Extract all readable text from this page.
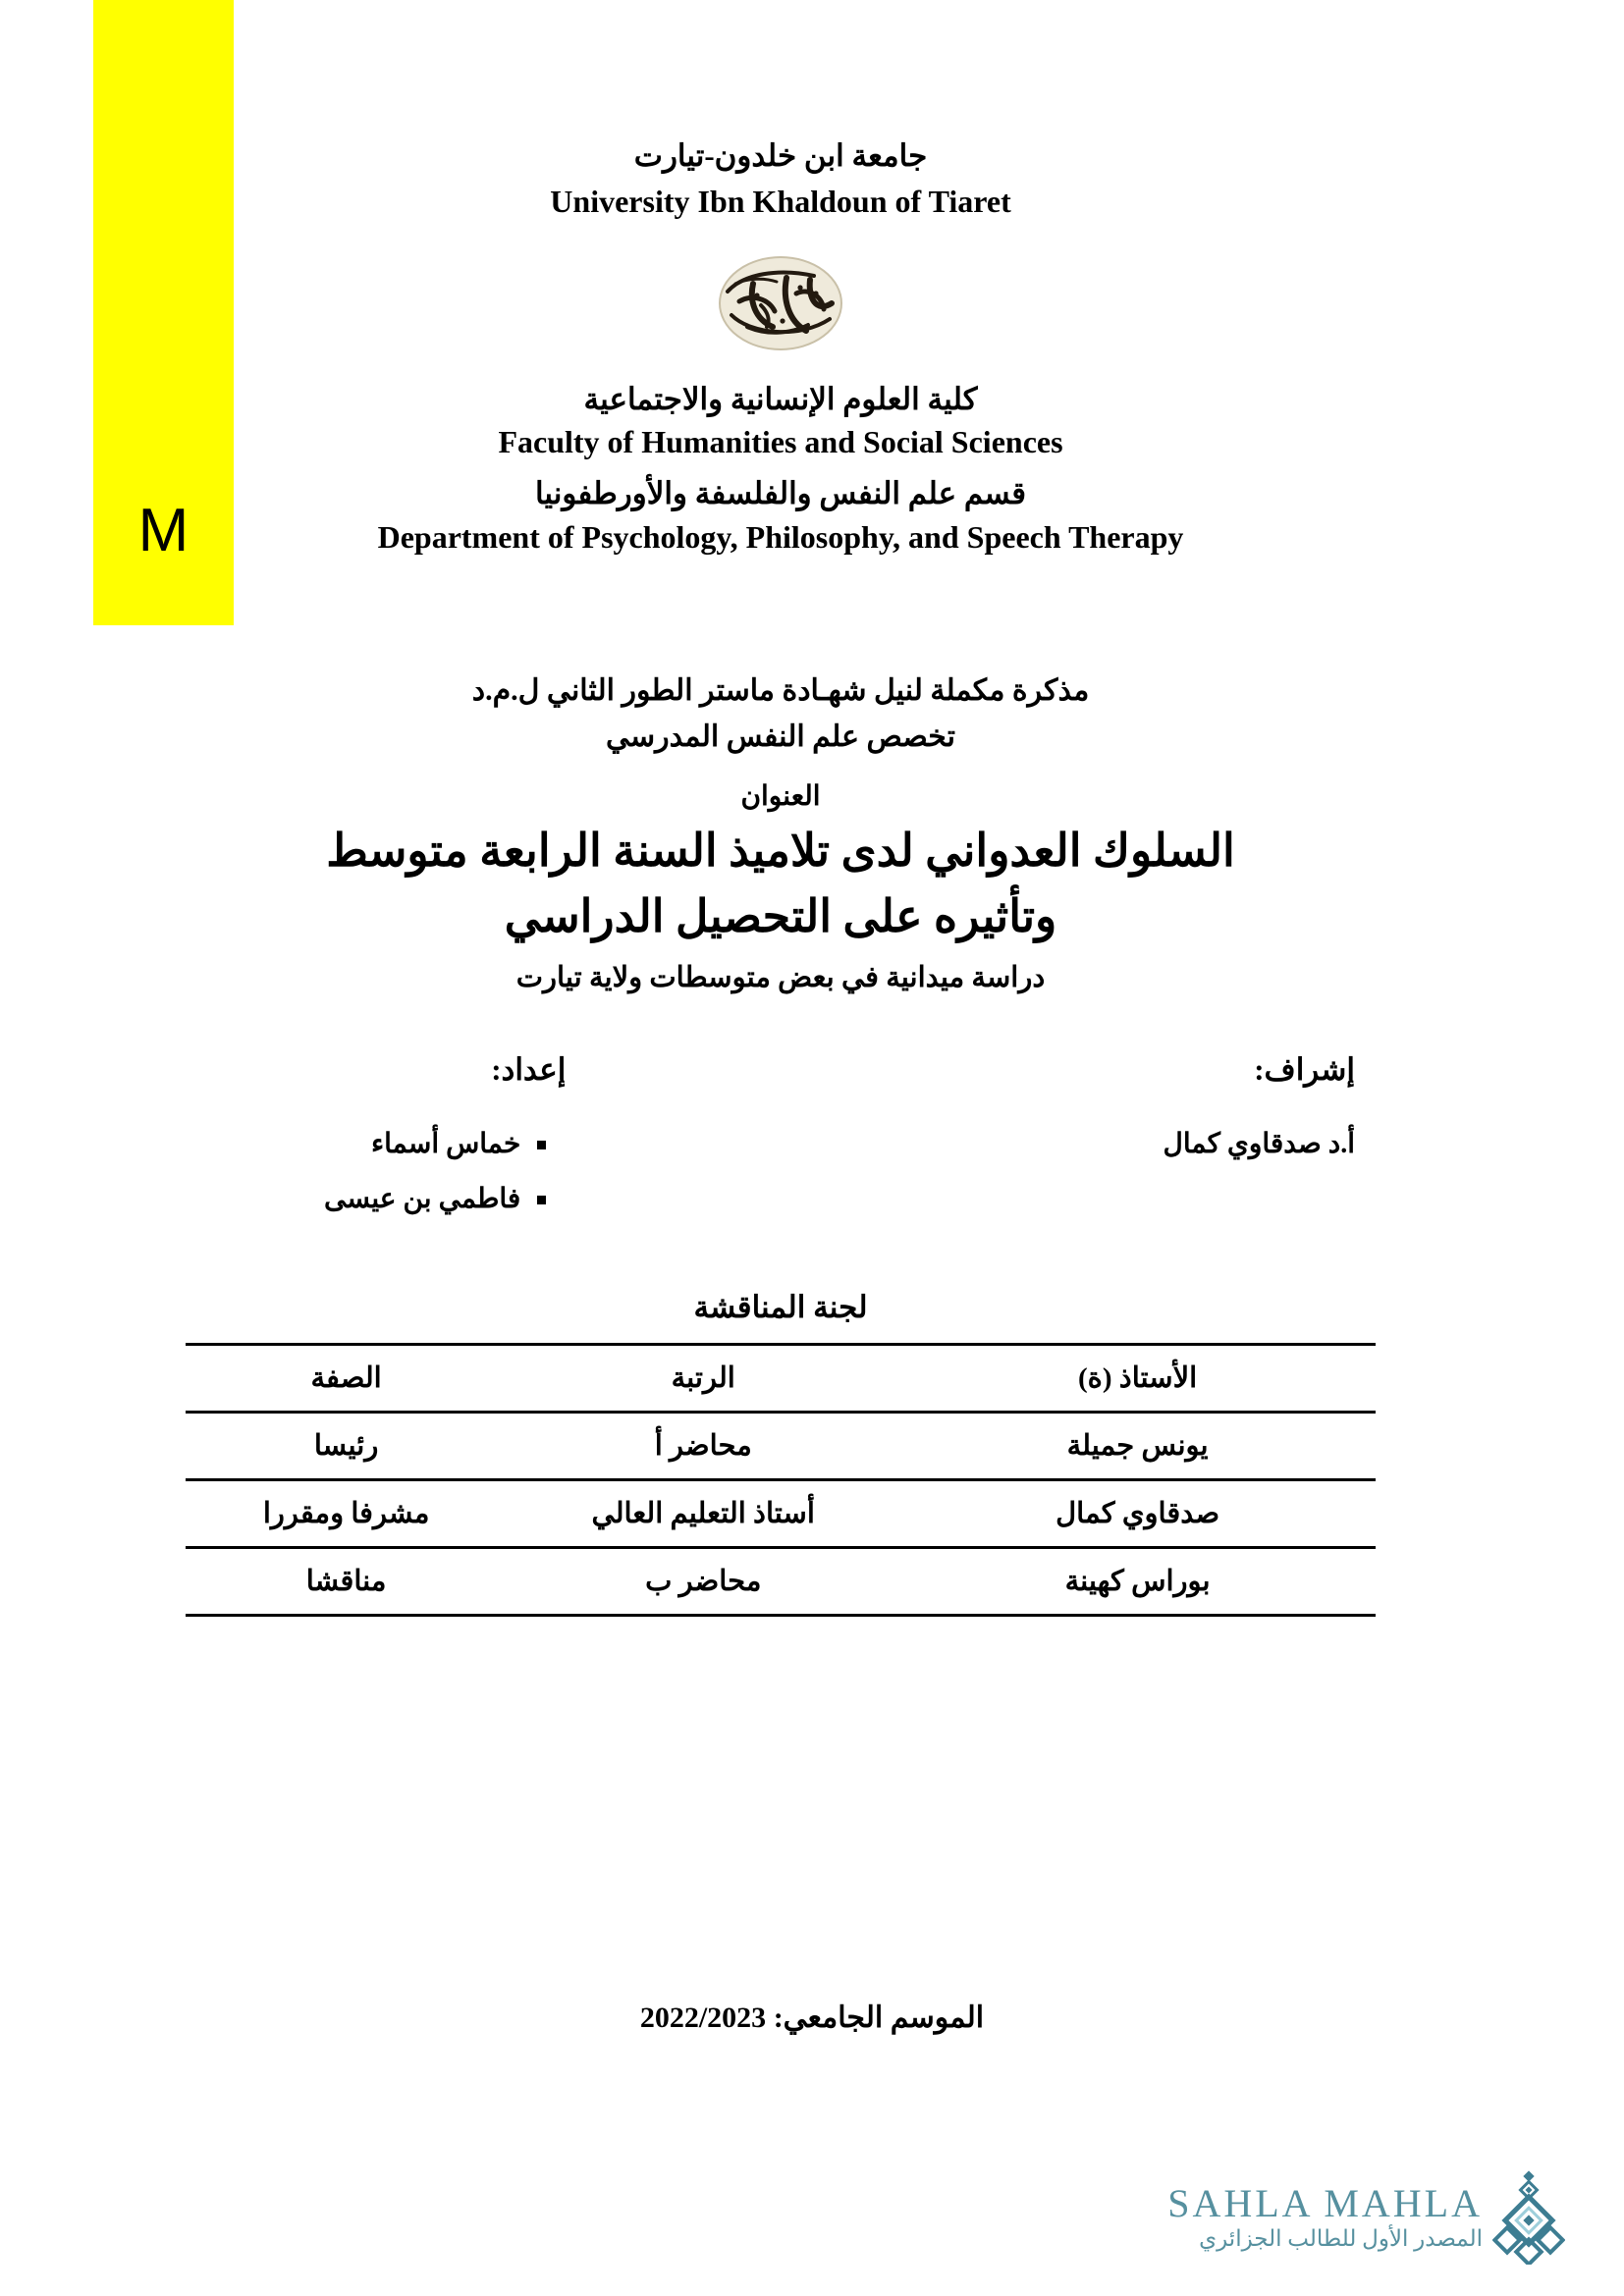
M
جامعة ابن خلدون-تيارت
University Ibn Khaldoun of Tiaret
كلية العلوم الإنسانية والاجتماعية
Faculty of Humanities and Social Sciences
قسم علم النفس والفلسفة والأورطفونيا
Department of Psychology, Philosophy, and Speech Therapy
مذكرة مكملة لنيل شهـادة ماستر الطور الثاني ل.م.د
تخصص علم النفس المدرسي
العنوان
السلوك العدواني لدى تلاميذ السنة الرابعة متوسط
وتأثيره على التحصيل الدراسي
دراسة ميدانية في بعض متوسطات ولاية تيارت
إعداد:
خماس أسماء
فاطمي بن عيسى
إشراف:
أ.د صدقاوي كمال
لجنة المناقشة
الأستاذ (ة)	الرتبة	الصفة
يونس جميلة	محاضر أ	رئيسا
صدقاوي كمال	أستاذ التعليم العالي	مشرفا ومقررا
بوراس كهينة	محاضر ب	مناقشا
الموسم الجامعي: 2022/2023
SAHLA MAHLA
المصدر الأول للطالب الجزائري
